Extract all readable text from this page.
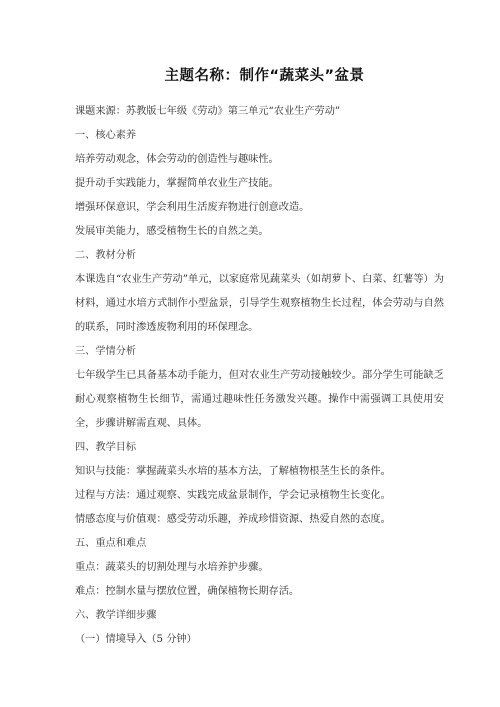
主题名称：制作“蔬菜头”盆景

课题来源：苏教版七年级《劳动》第三单元“农业生产劳动”

一、核心素养

培养劳动观念，体会劳动的创造性与趣味性。

提升动手实践能力，掌握简单农业生产技能。

增强环保意识，学会利用生活废弃物进行创意改造。

发展审美能力，感受植物生长的自然之美。

二、教材分析

本课选自“农业生产劳动”单元，以家庭常见蔬菜头（如胡萝卜、白菜、红薯等）为材料，通过水培方式制作小型盆景，引导学生观察植物生长过程，体会劳动与自然的联系，同时渗透废物利用的环保理念。

三、学情分析

七年级学生已具备基本动手能力，但对农业生产劳动接触较少。部分学生可能缺乏耐心观察植物生长细节，需通过趣味性任务激发兴趣。操作中需强调工具使用安全，步骤讲解需直观、具体。

四、教学目标

知识与技能：掌握蔬菜头水培的基本方法，了解植物根茎生长的条件。

过程与方法：通过观察、实践完成盆景制作，学会记录植物生长变化。

情感态度与价值观：感受劳动乐趣，养成珍惜资源、热爱自然的态度。

五、重点和难点

重点：蔬菜头的切割处理与水培养护步骤。

难点：控制水量与摆放位置，确保植物长期存活。

六、教学详细步骤

（一）情境导入（5 分钟）
